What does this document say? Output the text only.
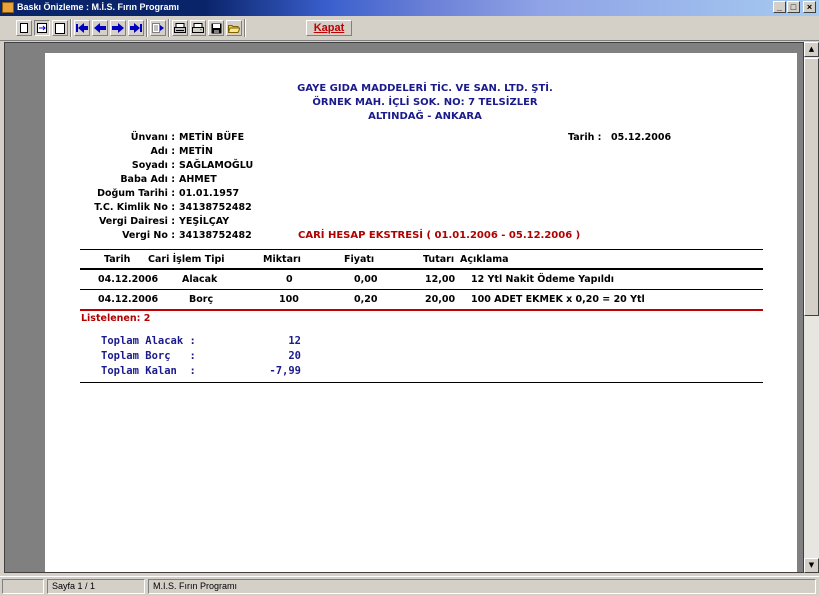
Baskı Önizleme : M.İ.S. Fırın Programı	_ □	×
Kapat
GAYE GIDA MADDELERİ TİC. VE SAN. LTD. ŞTİ.
ÖRNEK MAH. İÇLİ SOK. NO: 7 TELSİZLER
ALTINDAĞ - ANKARA
Tarih : 05.12.2006
Ünvanı : METİN BÜFE
Adı : METİN
Soyadı : SAĞLAMOĞLU
Baba Adı : AHMET
Doğum Tarihi : 01.01.1957
T.C. Kimlik No : 34138752482
Vergi Dairesi : YEŞİLÇAY
Vergi No : 34138752482	CARİ HESAP EKSTRESİ ( 01.01.2006 - 05.12.2006 )
Tarih Cari İşlem Tipi	Miktarı	Fiyatı	Tutarı Açıklama
04.12.2006	Alacak	0	0,00	12,00 12 Ytl Nakit Ödeme Yapıldı
04.12.2006	Borç	100	0,20	20,00 100 ADET EKMEK x 0,20 = 20 Ytl
Listelenen: 2
Toplam Alacak :	12
Toplam Borç   :	20
Toplam Kalan  :	-7,99
▲
▼
Sayfa 1 / 1	M.I.S. Fırın Programı
